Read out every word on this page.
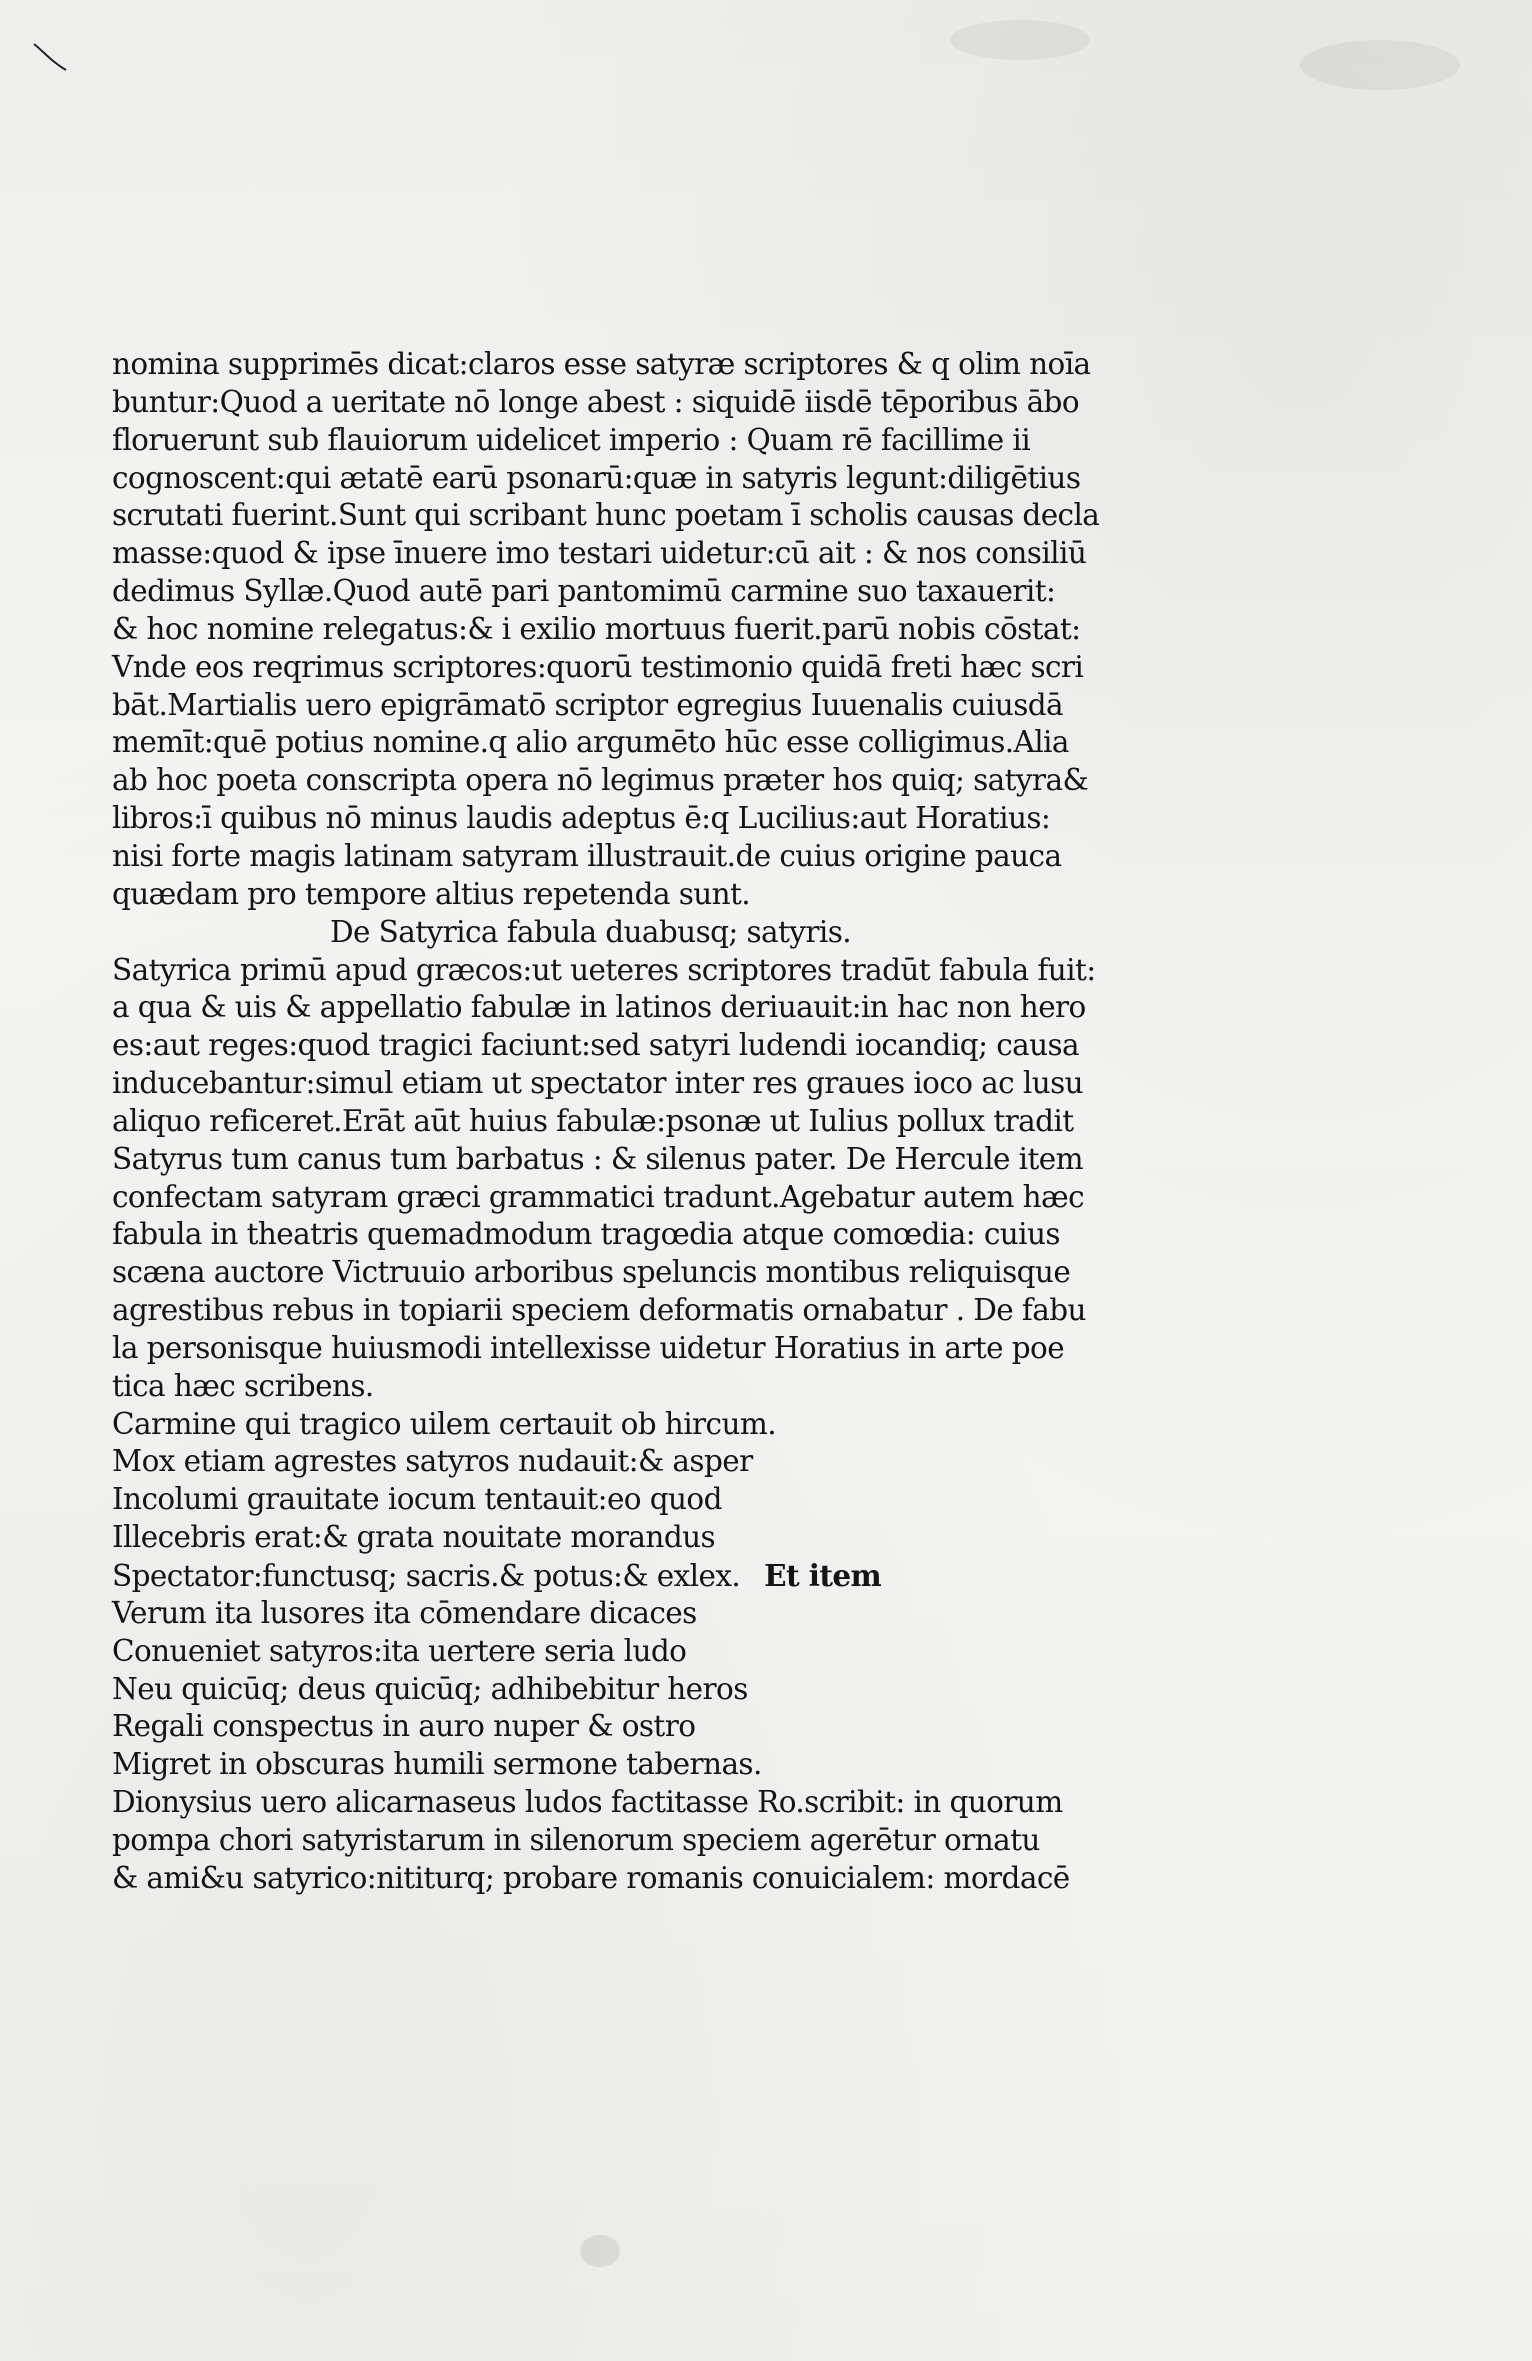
nomina supprimēs dicat:claros esse satyræ scriptores & q olim noīa
buntur:Quod a ueritate nō longe abest : siquidē iisdē tēporibus ābo
floruerunt sub flauiorum uidelicet imperio : Quam rē facillime ii
cognoscent:qui ætatē earū psonarū:quæ in satyris legunt:diligētius
scrutati fuerint.Sunt qui scribant hunc poetam ī scholis causas decla
masse:quod & ipse īnuere imo testari uidetur:cū ait : & nos consiliū
dedimus Syllæ.Quod autē pari pantomimū carmine suo taxauerit:
& hoc nomine relegatus:& i exilio mortuus fuerit.parū nobis cōstat:
Vnde eos reqrimus scriptores:quorū testimonio quidā freti hæc scri
bāt.Martialis uero epigrāmatō scriptor egregius Iuuenalis cuiusdā
memīt:quē potius nomine.q alio argumēto hūc esse colligimus.Alia
ab hoc poeta conscripta opera nō legimus præter hos quiq; satyra&
libros:ī quibus nō minus laudis adeptus ē:q Lucilius:aut Horatius:
nisi forte magis latinam satyram illustrauit.de cuius origine pauca
quædam pro tempore altius repetenda sunt.
De Satyrica fabula duabusq; satyris.
Satyrica primū apud græcos:ut ueteres scriptores tradūt fabula fuit:
a qua & uis & appellatio fabulæ in latinos deriuauit:in hac non hero
es:aut reges:quod tragici faciunt:sed satyri ludendi iocandiq; causa
inducebantur:simul etiam ut spectator inter res graues ioco ac lusu
aliquo reficeret.Erāt aūt huius fabulæ:psonæ ut Iulius pollux tradit
Satyrus tum canus tum barbatus : & silenus pater. De Hercule item
confectam satyram græci grammatici tradunt.Agebatur autem hæc
fabula in theatris quemadmodum tragœdia atque comœdia: cuius
scæna auctore Victruuio arboribus speluncis montibus reliquisque
agrestibus rebus in topiarii speciem deformatis ornabatur . De fabu
la personisque huiusmodi intellexisse uidetur Horatius in arte poe
tica hæc scribens.
Carmine qui tragico uilem certauit ob hircum.
Mox etiam agrestes satyros nudauit:& asper
Incolumi grauitate iocum tentauit:eo quod
Illecebris erat:& grata nouitate morandus
Spectator:functusq; sacris.& potus:& exlex. Et item
Verum ita lusores ita cōmendare dicaces
Conueniet satyros:ita uertere seria ludo
Neu quicūq; deus quicūq; adhibebitur heros
Regali conspectus in auro nuper & ostro
Migret in obscuras humili sermone tabernas.
Dionysius uero alicarnaseus ludos factitasse Ro.scribit: in quorum
pompa chori satyristarum in silenorum speciem agerētur ornatu
& ami&u satyrico:nititurq; probare romanis conuicialem: mordacē
